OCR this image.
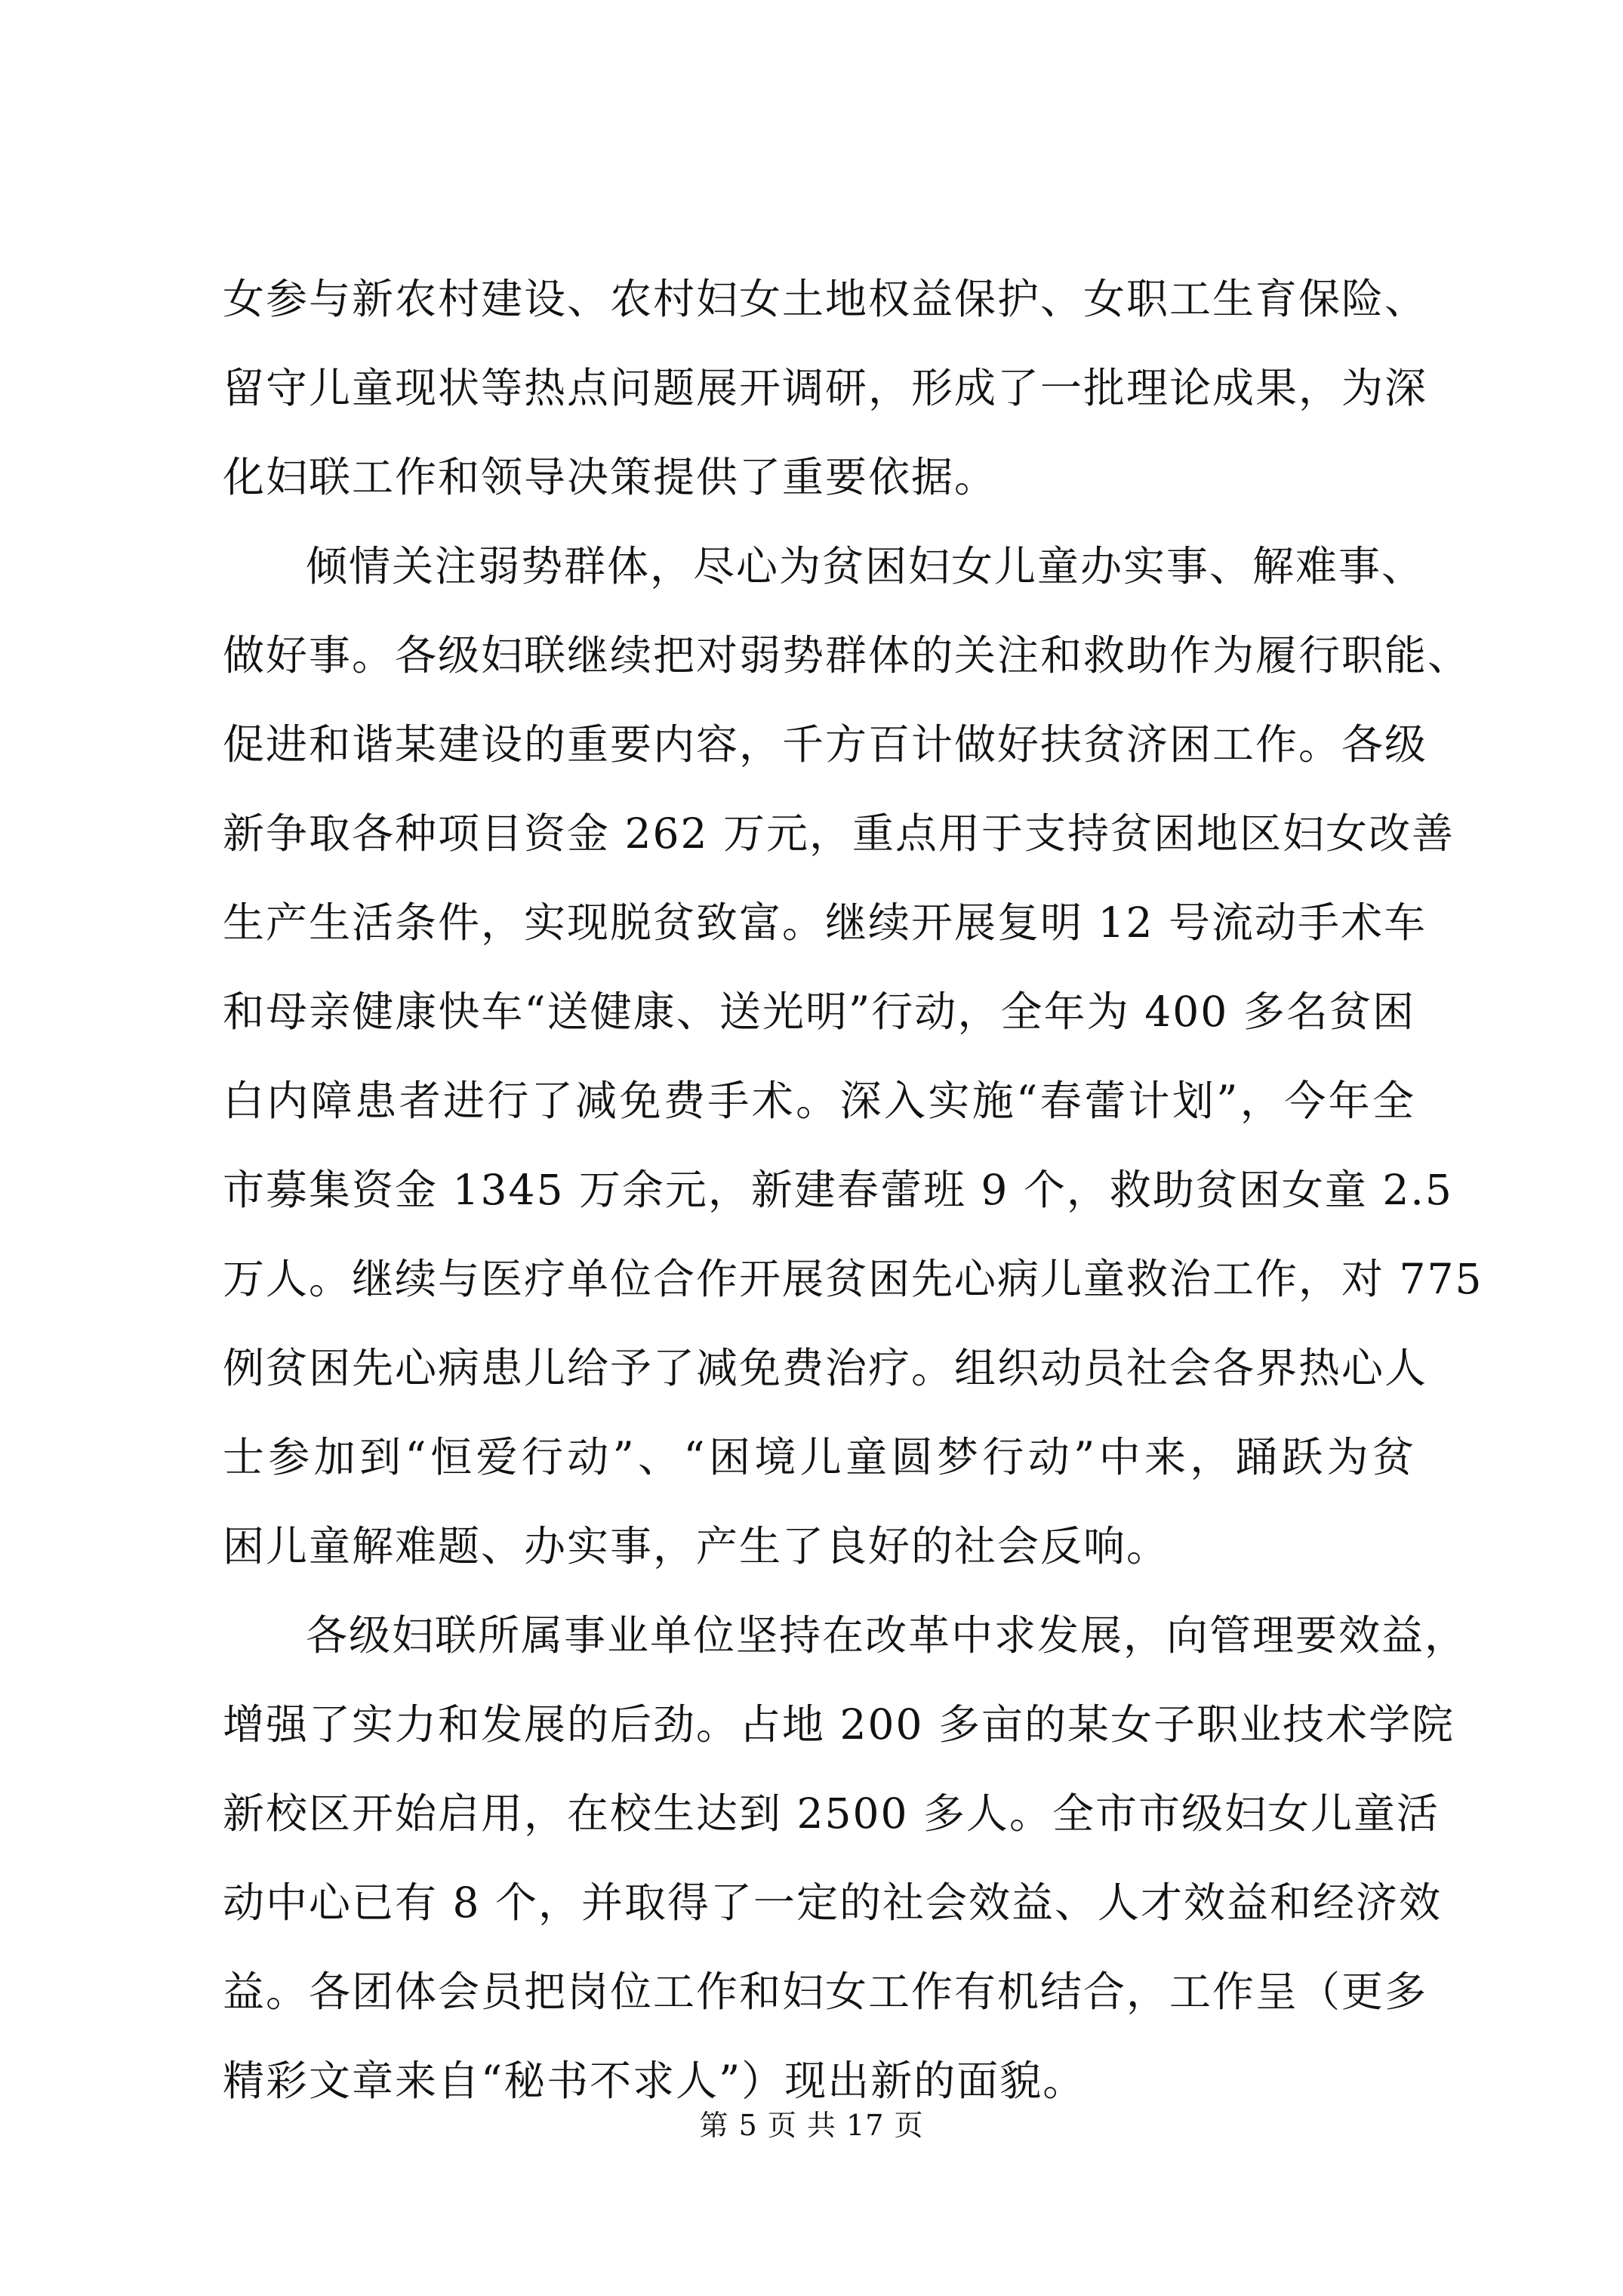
女参与新农村建设、农村妇女土地权益保护、女职工生育保险、
留守儿童现状等热点问题展开调研，形成了一批理论成果，为深
化妇联工作和领导决策提供了重要依据。
倾情关注弱势群体，尽心为贫困妇女儿童办实事、解难事、
做好事。各级妇联继续把对弱势群体的关注和救助作为履行职能、
促进和谐某建设的重要内容，千方百计做好扶贫济困工作。各级
新争取各种项目资金 262 万元，重点用于支持贫困地区妇女改善
生产生活条件，实现脱贫致富。继续开展复明 12 号流动手术车
和母亲健康快车“送健康、送光明”行动，全年为 400 多名贫困
白内障患者进行了减免费手术。深入实施“春蕾计划”，今年全
市募集资金 1345 万余元，新建春蕾班 9 个，救助贫困女童 2.5
万人。继续与医疗单位合作开展贫困先心病儿童救治工作，对 775
例贫困先心病患儿给予了减免费治疗。组织动员社会各界热心人
士参加到“恒爱行动”、“困境儿童圆梦行动”中来，踊跃为贫
困儿童解难题、办实事，产生了良好的社会反响。
各级妇联所属事业单位坚持在改革中求发展，向管理要效益，
增强了实力和发展的后劲。占地 200 多亩的某女子职业技术学院
新校区开始启用，在校生达到 2500 多人。全市市级妇女儿童活
动中心已有 8 个，并取得了一定的社会效益、人才效益和经济效
益。各团体会员把岗位工作和妇女工作有机结合，工作呈（更多
精彩文章来自“秘书不求人”）现出新的面貌。
第 5 页 共 17 页
